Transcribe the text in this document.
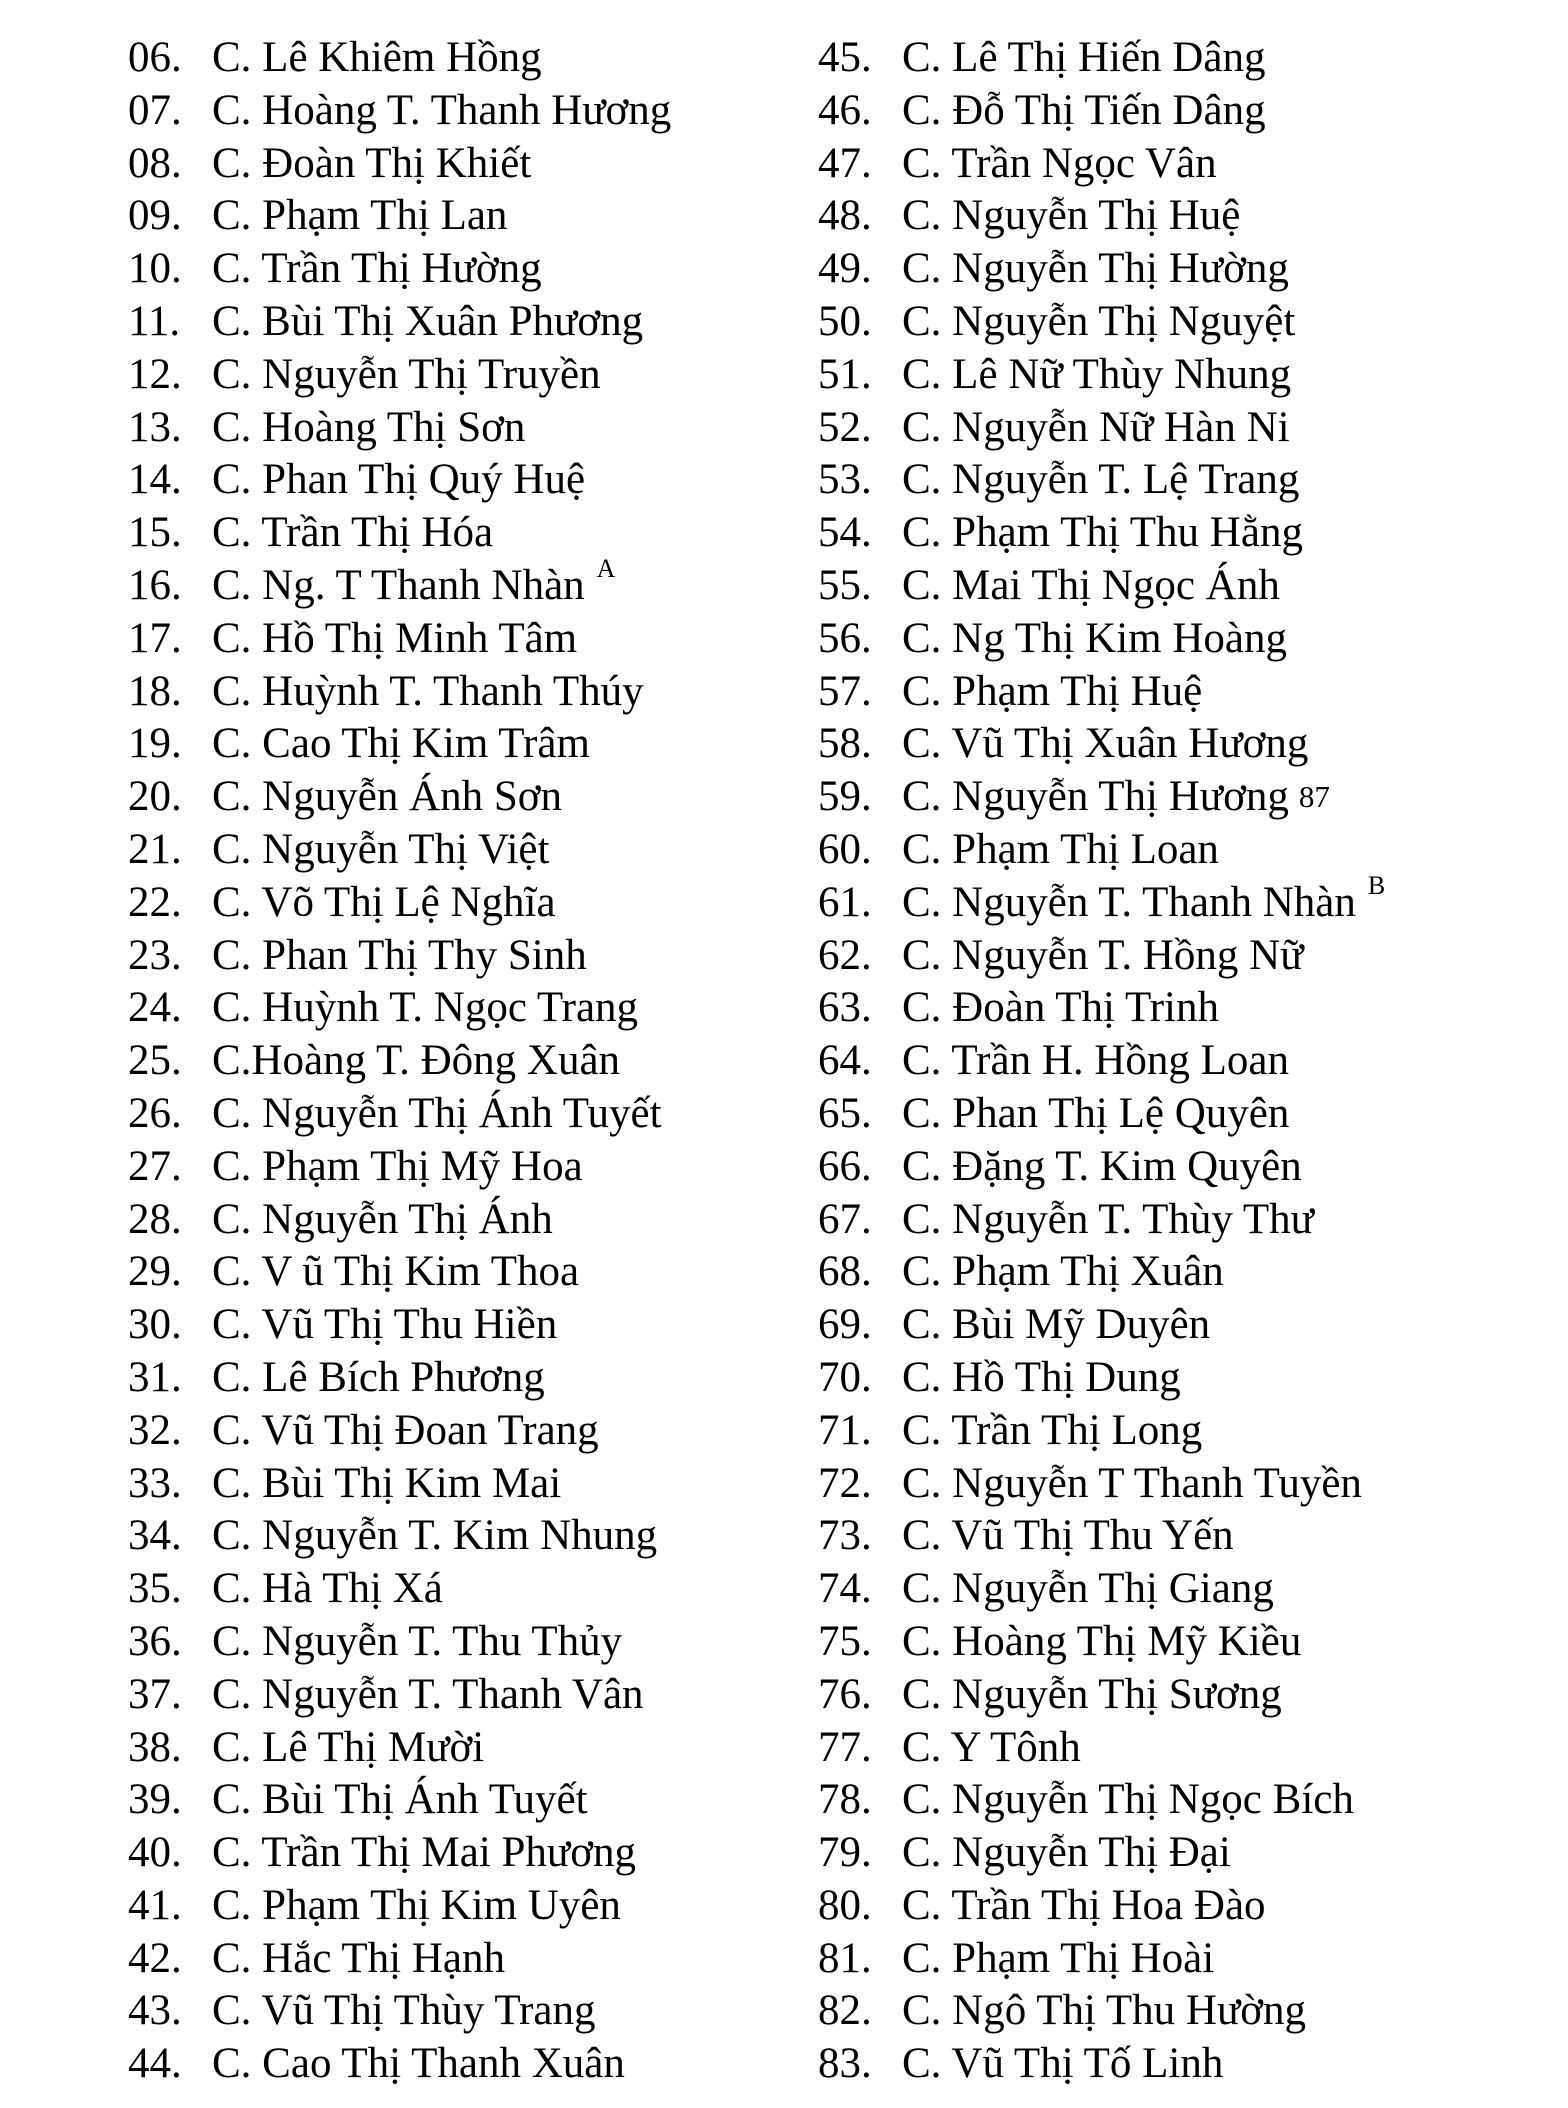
06. C. Lê Khiêm Hồng
07. C. Hoàng T. Thanh Hương
08. C. Đoàn Thị Khiết
09. C. Phạm Thị Lan
10. C. Trần Thị Hường
11. C. Bùi Thị Xuân Phương
12. C. Nguyễn Thị Truyền
13. C. Hoàng Thị Sơn
14. C. Phan Thị Quý Huệ
15. C. Trần Thị Hóa
16. C. Ng. T Thanh Nhàn A
17. C. Hồ Thị Minh Tâm
18. C. Huỳnh T. Thanh Thúy
19. C. Cao Thị Kim Trâm
20. C. Nguyễn Ánh Sơn
21. C. Nguyễn Thị Việt
22. C. Võ Thị Lệ Nghĩa
23. C. Phan Thị Thy Sinh
24. C. Huỳnh T. Ngọc Trang
25. C.Hoàng T. Đông Xuân
26. C. Nguyễn Thị Ánh Tuyết
27. C. Phạm Thị Mỹ Hoa
28. C. Nguyễn Thị Ánh
29. C. V ũ Thị Kim Thoa
30. C. Vũ Thị Thu Hiền
31. C. Lê Bích Phương
32. C. Vũ Thị Đoan Trang
33. C. Bùi Thị Kim Mai
34. C. Nguyễn T. Kim Nhung
35. C. Hà Thị Xá
36. C. Nguyễn T. Thu Thủy
37. C. Nguyễn T. Thanh Vân
38. C. Lê Thị Mười
39. C. Bùi Thị Ánh Tuyết
40. C. Trần Thị Mai Phương
41. C. Phạm Thị Kim Uyên
42. C. Hắc Thị Hạnh
43. C. Vũ Thị Thùy Trang
44. C. Cao Thị Thanh Xuân
45. C. Lê Thị Hiến Dâng
46. C. Đỗ Thị Tiến Dâng
47. C. Trần Ngọc Vân
48. C. Nguyễn Thị Huệ
49. C. Nguyễn Thị Hường
50. C. Nguyễn Thị Nguyệt
51. C. Lê Nữ Thùy Nhung
52. C. Nguyễn Nữ Hàn Ni
53. C. Nguyễn T. Lệ Trang
54. C. Phạm Thị Thu Hằng
55. C. Mai Thị Ngọc Ánh
56. C. Ng Thị Kim Hoàng
57. C. Phạm Thị Huệ
58. C. Vũ Thị Xuân Hương
59. C. Nguyễn Thị Hương 87
60. C. Phạm Thị Loan
61. C. Nguyễn T. Thanh Nhàn B
62. C. Nguyễn T. Hồng Nữ
63. C. Đoàn Thị Trinh
64. C. Trần H. Hồng Loan
65. C. Phan Thị Lệ Quyên
66. C. Đặng T. Kim Quyên
67. C. Nguyễn T. Thùy Thư
68. C. Phạm Thị Xuân
69. C. Bùi Mỹ Duyên
70. C. Hồ Thị Dung
71. C. Trần Thị Long
72. C. Nguyễn T Thanh Tuyền
73. C. Vũ Thị Thu Yến
74. C. Nguyễn Thị Giang
75. C. Hoàng Thị Mỹ Kiều
76. C. Nguyễn Thị Sương
77. C. Y Tônh
78. C. Nguyễn Thị Ngọc Bích
79. C. Nguyễn Thị Đại
80. C. Trần Thị Hoa Đào
81. C. Phạm Thị Hoài
82. C. Ngô Thị Thu Hường
83. C. Vũ Thị Tố Linh
